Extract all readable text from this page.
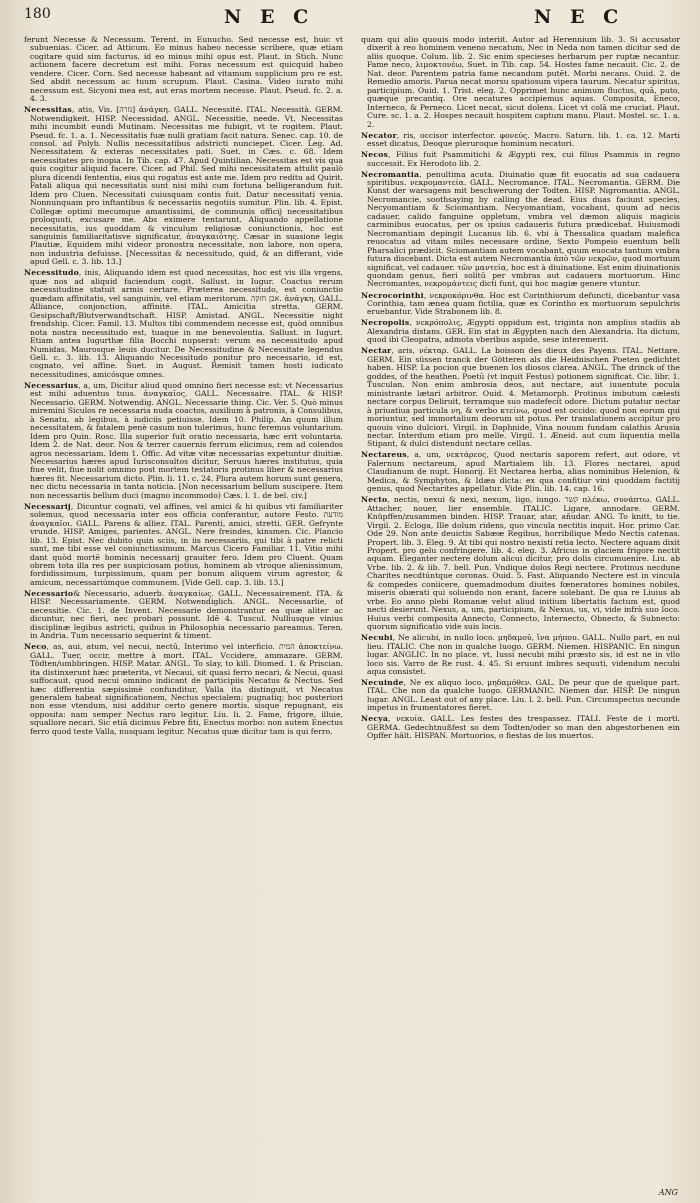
180	N E C	N E C

ferunt Necesse & Necessum. Terent. in Eunucho. Sed necesse est, huic vt subuenias. Cicer. ad Atticum. Eo minus habeo necesse scribere, quæ etiam cogitare quid sim facturus, id eo minus mihi opus est. Plaut. in Stich. Nunc actionem facere decretum est mihi. Foras necessum est quicquid habeo vendere. Cicer. Corn. Sed necesse habeant ad vitamum supplicium pro re est. Sed abdit necessum ac tuum scrupum. Plaut. Casina. Video iurato mihi necessum est. Sicyoni mea est, aut eras mortem necesse. Plaut. Pseud. fc. 2. a. 4. 3.

Necessitas, atis, Vis. [גזרה] ἀνάγκη. GALL. Necessité. ITAL. Necessità. GERM. Notwendigkeit. HISP. Necessidad. ANGL. Necessitie, neede. Vt, Necessitas mihi incumbit eundi Mutinam. Necessitas me fubigit, vt te rogitem. Plaut. Pseud. fc. 1. a. 1. Necessitatis fuæ nulli gratiam facit natura. Senec. cap. 10. de consol. ad Polyb. Nullis necessitatibus adstricti nunciepet. Cicer. Leg. Ad. Necessitatem & exteras necessitates pati. Suet. in Cæs. c. 68. Idem necessitates pro inopia. In Tib. cap. 47. Apud Quintilian. Necessitas est vis qua quis cogitur aliquid facere. Cicer. ad Phil. Sed mihi necessitatem attulit paulò plura dicendi fententia, eius qui rogatus est ante me. Idem pro reditu ad Quirit. Fatali aliqua qui necessitatis sunt nisi mihi cum fortuna belligerandum fuit. Idem pro Cluen. Necessitati cuiusquam contis fuit. Datur necessitati venia. Nonnunquam pro inftantibus & necessariis negotiis sumitur. Plin. lib. 4. Epist. Collegæ optimi mecumque amantissimi, de communis officij necessitatibus proloquuti, excusare me. Abs eximere tentarunt. Aliquando appellatione necessitatis, ius quoddam & vinculum religiosæ coniunctionis, hoc est sanguinis familiaritatisve significatur, ἀναγκαιότης. Cæsar in suasione legis Plautiæ, Equidem mihi videor pronostra necessitate, non labore, non opera, non industria defuisse. [Necessitas & necessitudo, quid, & an differant, vide apud Gell. c. 3. lib. 13.]

Necessitudo, inis, Aliquando idem est quod necessitas, hoc est vis illa vrgens, quæ nos ad aliquid faciendum cogit. Sallust. in Iugur. Coactus rerum necessitudine statuit armis certare. Præterea necessitudo, est coniunctio quædam affinitatis, vel sanguinis, vel etiam meritorum. אבן חזקה. ἀνάγκη. GALL. Alliance, conjonction, affinité. ITAL. Amicitia stretta. GERM. Gesipschaft/Blutverwandtschaft. HISP. Amistad. ANGL. Necessitie night frendship. Cicer. Famil. 13. Multos tibi commendem necesse est, quòd omnibus nota nostra necessitudo est, tuaque in me benevolentia. Sallust. in Iugurt. Etiam antea Iugurthæ filia Bocchi nupserat: verum ea necessitudo apud Numidas, Maurosque leuis ducitur. De Necessitudine & Necessitate legendus Gell. c. 3. lib. 13. Aliquando Necessitudo ponitur pro necessario, id est, cognato, vel affine. Suet. in August. Remisit tamen hosti iudicato necessitudines, amicósque omnes.

Necessarius, a, um, Dicitur aliud quod omnino fieri necesse est: vt Necessarius est mihi aduentus tuus. ἀναγκαῖος. GALL. Necessaire. ITAL. & HISP. Necessario. GERM. Notwendig. ANGL. Necessarie thing. Cic. Ver. 5. Quò minus miremini Siculos re necessaria nuda coactos, auxilium à patronis, à Consulibus, à Senatu, ab legibus, à iudiciis petiuisse. Idem 10. Philip. An quum illum necessitatem, & fatalem penè casum non tulerimus, hunc feremus voluntarium. Idem pro Quin. Rosc. Illa superior fuit oratio necessaria, hæc erit voluntaria. Idem 2. de Nat. deor. Nos & terrer cauernis ferrum elicimus, rem ad colendos agros necessariam. Idem 1. Offic. Ad vitæ vitæ necessarias expetuntur diuitiæ. Necessarius hæres apud Iurisconsultos dicitur, Seruus hæres institutus, quia fiue velit, fiue nolit omnino post mortem testatoris protinus liber & necessarius hæres fit. Necessarium dicto. Plin. li. 11. c. 24. Plura autem horum sunt genera, nec dictu necessaria in tanta noticia. [Non necessarium bellum suscipere. Item non necessariis bellum duci (magno incommodo) Cæs. l. 1. de bel. civ.]

Necessarij, Dicuntur cognati, vel affines, vel amici & hi quibus vti familiariter solemus, quod necessaria inter eos officia conferantur, autore Festo. מודעת ἀναγκαῖοι. GALL. Parens & alliez. ITAL. Parenti, amici, stretti. GER. Gefrynte vrunde. HISP. Amiges, parientes. ANGL. Nere freindes, kinsmen. Cic. Plancio lib. 13. Epist. Nec dubito quin sciis, in iis necessariis, qui tibi à patre relicti sunt, me tibi esse vel coniunctissimum. Marcus Cicero Familiar. 11. Vitio mihi dant quòd mortē hominis necessarij grauiter fero. Idem pro Cluent. Quam obrem tota illa res per suspiciosam potius, hominem ab vtroque alienissimum, fordidissimum, turpissimum, quam per bonum aliquem virum agrestor, & amicum, necessariúmque communem. [Vide Gell. cap. 3. lib. 13.]

Necessario& Necessario, aduerb. ἀναγκαίως. GALL. Necessairement. ITA. & HISP. Necessariamente. GERM. Notwendiglich. ANGL. Necessarlie, of necessitie. Cic. 1. de Invent. Necessarie demonstrantur ea quæ aliter ac dicuntur, nec fieri, nec probari possunt. Idē 4. Tuscul. Nulliusque vinius disciplinæ legibus astricti, quibus in Philosophia necessario pareamus. Teren. in Andria. Tum necessario sequerint & timent.

Neco, as, aui, atum, vel necui, nectū, Interimo vel interficio. המית ἀποκτείνω. GALL. Tuer, occir, mettre à mort. ITAL. Vccidere, ammazare. GERM. Tödten/umbbringen. HISP. Matar. ANGL. To slay, to kill. Diomed. 1. & Priscian. ita distinxerunt hæc præterita, vt Necaui, sit quasi ferro necari, & Necui, quasi suffocauit. quod necui omnino indicant de participiis Necatus & Nectus. Sed hæc differentia sæpissimè confunditur, Valla ita distinguit, vt Necatus generalem habeat significationem, Nectus specialem: pugnatiq; hoc posteriori non esse vtendum, nisi additur certo genere mortis. sisque repugnant, eis opposita: nam semper Nectus raro legitur. Liu. li. 2. Fame, frigore, illuie, squallore necari. Sic etiā dicimus Febre fiti, Enectus morbo: non autem Enectus ferro quod teste Valla, nusquam legitur. Necatus quæ dicitur tam is qui ferro,

quam qui alio quouis modo interiit. Autor ad Herennium lib. 3. Si accusator dixerit à reo hominem veneno necatum, Nec in Neda non tamen dicitur sed de aliis quoque. Colum. lib. 2. Sic enim specieses herbarum per ruptæ necantur. Fame neco, λιμοκτονέω, Suet. in Tib. cap. 54. Hostes fame necauit. Cic. 2. de Nat. deor. Parentem patria fame necandum putēt. Morbi necans. Ouid. 2. de Remedio amoris. Parua necat morsu spatiosum vipera taurum. Necatur spiritus, participium. Ouid. 1. Trist. eleg. 2. Opprimet hunc animum fluctus, quā, puto, quæque precantiq. Ore necatures accipiemus aquas. Composita, Eneco, Interneco, & Perneco. Licet necat, sicut dolens. Licet vt colā me cruciat. Plaut. Cure. sc. 1. a. 2. Hospes necauit hospitem captum manu. Plaut. Mostel. sc. 1. a. 2.

Necator, ris, occisor interfector. φονεύς. Macro. Saturn. lib. 1. ca. 12. Marti esset dicatus, Deoque pleruroque hominum necatori.

Necos, Filius fuit Psammitichi & Ægypti rex, cui filius Psammis in regno successit. Ex Herodoto lib. 2.

Necromantia, penultima acuta. Diuinatio quæ fit euocatis ad sua cadauera spiritibus. νεκρομαντεία. GALL. Necromance. ITAL. Necromantia. GERM. Die Kunst der warsagens mit beschwerung der Todten. HISP. Nigromantia. ANGL. Necromancie, soothsaying by calling the dead. Eius duas faciunt species, Necyomantiam & Sciomantiam. Necyomantiam, vocabant, quum ad necis cadauer, calido fanguine oppletum, vmbra vel dæmon aliquis magicis carminibus euocatus, per os ipsius cadaueris futura prædicebat. Huiusmodi Necromantiam depingit Lucanus lib. 6. vbi à Thessalica quadam malefica reuocatus ad vitam miles necessare ordine, Sexto Pompeio euentum belli Pharsalici prædicit. Sciomantiam autem vocabant, quum euocata tantum vmbra futura discebant. Dicta est autem Necromantia ἀπὸ τῶν νεκρῶν, quod mortuum significat, vel cadauer. τῶν μαντεία, hoc est à diuinatione. Est enim diuinationis quondam genus, fieri solitū per vmbras aut cadauera mortuorum. Hinc Necromantes, νεκρομάντεις dicti funt, qui hoc magiæ genere vtuntur.

Necrocorinthi, νεκροκόρινθα. Hoc est Corinthiorum defuncti, dicebantur vasa Corinthia, tam ænea quam fictilia, quæ ex Corintho ex mortuorum sepulchris eruebantur. Vide Strabonem lib. 8.

Necropolis, νεκρόπολις, Ægypti oppidum est, triginta non amplius stadiis ab Alexandria distans. GER. Ein stat in Ægypten nach den Alexandria. Ita dictum, quod ibi Cleopatra, admota vberibus aspide, sese interemerit.

Nectar, aris, νέκταρ. GALL. La boisson des dieux des Payens. ITAL. Nettare. GERM. Ein süssen tranck der Götteren als die Heidnischen Poeten gedichtet haben. HISP. La pocion que buenen los diosos clarea. ANGL. The drinck of the goddes, of the heathen. Poetū (vt inquit Festus) potionem significat. Cic. libr. 1. Tusculan. Non enim ambrosia deos, aut nectare, aut iuuentute pocula ministrante lætari arbitror. Ouid. 4. Metamorph. Protinus imbutum cælesti nectare corpus Deliruit, terramque suo madefecit odore. Dictum putatur nectar à priuatiua particula νη, & verbo κτείνω, quod est occido: quod non eorum qui moriuntur, sed immortalium deorum sit potus. Per translationem accipitur pro quouis vino dulciori. Virgil. in Daphnide, Vina nouum fundam calathis Arusia nectar. Interdum etiam pro melle. Virgil. 1. Æneid. aut cum liquentia mella Stipant, & dulci distendunt nectare cellas.

Nectareus, a, um, νεκτάρεος, Quod nectaris saporem refert, aut odore, vt Falernum nectareum, apud Martialem lib. 13. Flores nectarei, apud Claudianum de nupt. Honorij. Et Nectarea herba, alias nominibus Helenion, & Medica, & Symphyton, & Idæa dicta: ex qua confitiur vini quoddam factitij genus, quod Nectarites appellatur. Vide Plin. lib. 14. cap. 16.

Necto, nectis, nexui & nexi, nexum, ligo, iungo. קשר πλέκω, συνάπτω. GALL. Attacher, nouer, lier ensemble. ITALIC. Ligare, annodare. GERM. Knüpffen/zusammen binden. HISP. Trauar, atar, añudar. ANG. To knitt, to tie. Virgil. 2. Ecloga, Ille dolum ridens, quo vincula nectitis inquit. Hor. primo Car. Ode 29. Non ante deuictis Sabææ Regibus, horribilique Medo Nectis catenas. Propert. lib. 3. Eleg. 9. At tibi qui nostro nexisti retia lecto. Nectere aquam dixit Propert. pro gelu confringere. lib. 4. eleg. 3. Africus in glaciem frigore nectit aquam. Eleganter nectere dolum alicui dicitur, pro dolis circumuenire. Liu. ab Vrbe. lib. 2. & lib. 7. bell. Pun. Vndique dolos Regi nectere. Protinus necdune Charites necdtúntque coronas. Ouid. 5. Fast. Aliquando Nectere est in vincula & compedes coniicere, quemadmodum diuites fœneratores homines nobiles, miseris obærati qui soluendo non erant, facere solebant. De qua re Liuius ab vrbe. Eo anno plebi Romanæ velut aliud initium libertatis factum est, quod necti desierunt. Nexus, a, um, participium, & Nexus, us, vi, vide infrà suo loco. Huius verbi composita Annecto, Connecto, Internecto, Obnecto, & Subnecto: quorum significatio vide suis locis.

Necubi, Ne alicubi, in nullo loco. μηδαμοῦ, ἵνα μήπου. GALL. Nullo part, en nul lieu. ITALIC. Che non in qualche luogo. GERM. Niemen. HISPANIC. En ningun lugar. ANGLIC. In no place. vt, Iussi necubi mihi præsto sis, id est ne in vllo loco sis. Varro de Re rust. 4. 45. Si eruunt imbres sequuti, videndum necubi aqua consistet.

Necuinde, Ne ex aliquo loco. μηδαμόθεν. GAL. De peur que de quelque part. ITAL. Che non da qualche luogo. GERMANIC. Niemen dar. HISP. De ningun lugar. ANGL. Least out of any place. Liu. l. 2. bell. Pun. Circumspectus necunde impetus in frumentatores fieret.

Necya, νεκυία. GALL. Les festes des trespassez. ITALI. Feste de i morti. GERMA. Gedechtnußfest so dem Todten/oder so man den abgestorbenen ein Opffer hält. HISPAN. Mortuorios, o fiestas de los muertos.

ANG
